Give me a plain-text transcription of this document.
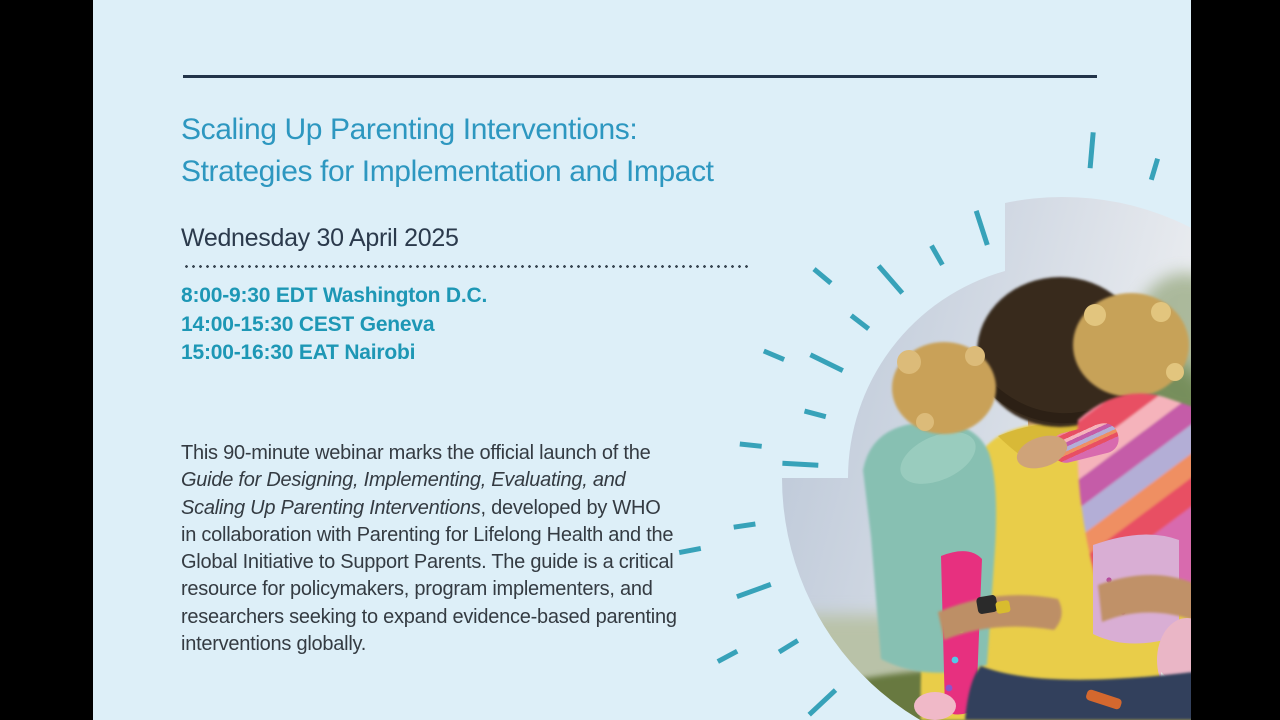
Scaling Up Parenting Interventions:
Strategies for Implementation and Impact
Wednesday 30 April 2025
8:00-9:30 EDT Washington D.C.
14:00-15:30 CEST Geneva
15:00-16:30 EAT Nairobi

This 90-minute webinar marks the official launch of the Guide for Designing, Implementing, Evaluating, and Scaling Up Parenting Interventions, developed by WHO in collaboration with Parenting for Lifelong Health and the Global Initiative to Support Parents. The guide is a critical resource for policymakers, program implementers, and researchers seeking to expand evidence-based parenting interventions globally.
